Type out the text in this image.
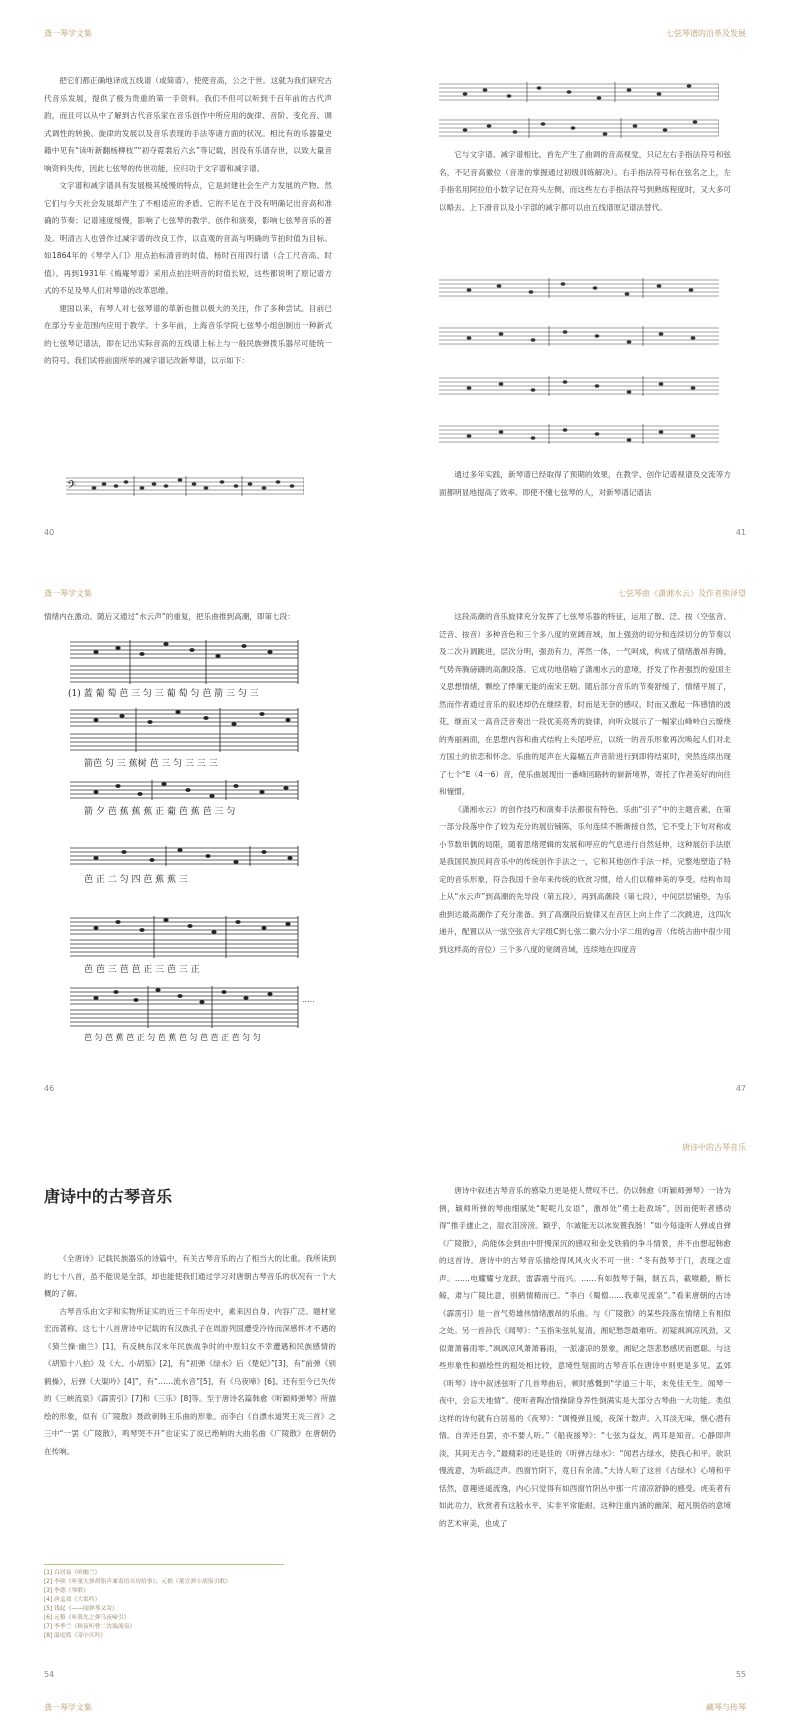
龚一琴学文集

把它们都正确地译成五线谱（或简谱），使使音高，公之于世。这就为我们研究古代音乐发展，提供了极为贵重的第一手资料。我们不但可以听到千百年前的古代声韵，而且可以从中了解到古代音乐家在音乐创作中所应用的旋律、音阶、变化音、调式调性的转换、旋律的发展以及音乐表现的手法等诸方面的状况。相比有的乐器量史籍中见有“读听新翻杨柳枝”“初夺霓裳后六幺”等记载，因没有乐谱存世，以致大量音响资料失传，因此七弦琴的传世功能，应归功于文字谱和减字谱。

文字谱和减字谱具有发展极其缓慢的特点，它是封建社会生产力发展的产物。然它们与今天社会发展却产生了不相适应的矛盾。它的不足在于没有明确记出音高和准确的节奏；记谱速度缓慢，影响了七弦琴的教学、创作和演奏，影响七弦琴音乐的普及。明清古人也曾作过减字谱的改良工作，以直观的音高与明确的节拍时值为目标。如1864年的《琴学入门》用点拍标清音的时值、杨时百用四行谱（合工尺音高、时值）。再到1931年《梅庵琴谱》采用点拍注明音的时值长短，这些都说明了原记谱方式的不足及琴人们对琴谱的改革思维。

建国以来，有琴人对七弦琴谱的革新也报以极大的关注，作了多种尝试。目前已在部分专业范围内应用于教学。十多年前，上海音乐学院七弦琴小组创制出一种新式的七弦琴记谱法，即在记出实际音高的五线谱上标上与一般民族弹拨乐器尽可能统一的符号。我们试将前面所举的减字谱记改新琴谱，以示如下：

𝄢
40
七弦琴谱的沿革及发展

它与文字谱、减字谱相比，首先产生了曲调的音高视觉，只记左右手指法符号和弦名，不记音高徽位（音准的掌握通过初级训练解决）。右手指法符号标在弦名之上，左手指名用阿拉伯小数字记在符头左侧，而这些左右手指法符号到熟练程度时，又大多可以略去。上下滑音以及小字部的减字都可以由五线谱原记谱法替代。

通过多年实践，新琴谱已经取得了预期的效果，在教学、创作记谱视谱及交流等方面都明显地提高了效率。即使不懂七弦琴的人，对新琴谱记谱法

41
龚一琴学文集

情绪内在激动。随后又通过“水云声”的重复，把乐曲推到高潮，即第七段：

.....
(1) 蓋 葡 萄 芭 三 匀 三 葡 萄 匀 芭 箭 三 匀 三
箭芭 匀 三 蕉树 芭 三 匀 三 三 三
箭 夕 芭 蕉 蕉 蕉 正 葡 芭 蕉 芭 三 匀
芭 正 二 匀 四 芭 蕉 蕉 三
芭 芭 三 芭 芭 正 三 芭 三 正
芭 匀 芭 蕉 芭 正 匀 芭 蕉 芭 匀 芭 芭 正 芭 匀 匀
46
七弦琴曲《潇湘水云》及作者熊泽望

这段高潮的音乐旋律充分发挥了七弦琴乐器的特征，运用了散、泛、按（空弦音、泛音、按音）多种音色和三个多八度的宽阔音域，加上强劲的切分和连续切分的节奏以及二次升调跳进，层次分明，强劲有力，浑然一体，一气呵成，构成了情绪激昂奔腾、气势奔腾磅礴的高潮段落。它成功地借喻了潇湘水云的意境，抒发了作者强烈的爱国主义思想情绪，颗绘了悸廉无能的南宋王朝。随后部分音乐的节奏舒缓了，情绪平展了，然而作者通过音乐的叙述却仍在继续着，时而是无奈的感叹，时而又激起一阵感情的波花，继而又一高音泛音奏出一段优美亮秀的旋律，向听众展示了一幅家山峰岭白云缭绕的秀丽画面，在思想内容和曲式结构上头尾呼应，以统一的音乐形象再次唤起人们对北方国土的依恋和怀念。乐曲的尾声在大篇幅五声音阶进行到即将结束时，突然连续出现了七个“E（4一6）音，使乐曲展现出一番峰回路转的崭新境界，寄托了作者美好的向往和憧憬。

《潇湘水云》的创作技巧和演奏手法都很有特色。乐曲“引子”中的主题音素，在第一部分段落中作了较为充分的展衍铺陈，乐句连续不断渐接自然，它不受上下句对称或小节数串偶的局限，随着思绪逻辑的发展和呼应的气息进行自然延伸，这种展衍手法原是我国民族民间音乐中的传统创作手法之一，它和其他创作手法一样，完整地塑造了特定的音乐形象，符合我国千余年来传统的欣赏习惯，给人们以精神美的享受。结构布局上从“水云声”到高潮的先导段（第五段），再到高潮段（第七段），中间层层铺垫，为乐曲到达最高潮作了充分准备。到了高潮段后旋律又在音区上向上作了二次跳进，这四次递升，配置以从一弦空弦音大字组C到七弦二徽六分小字二组的g音（传统古曲中很少用到这样高的音位）三个多八度的宽阔音域，连续地在四度音

47
唐诗中的古琴音乐

《全唐诗》记载民族器乐的诗篇中，有关古琴音乐的占了相当大的比重。我所读到的七十八首，虽不能说是全部，却也能使我们通过学习对唐朝古琴音乐的状况有一个大概的了解。

古琴音乐由文字和实物所证实的近三千年历史中，素来因自身、内容广泛、题材宽宏而著称。这七十八首唐诗中记载的有汉族孔子在周游列国遭受冷待而深感怀才不遇的《猗兰操·幽兰》[1]，有反映东汉末年民族战争时的中原妇女不幸遭遇和民族感情的《胡笳十八拍》及《大、小胡笳》[2]，有“初弹《绿水》后《楚妃》”[3]，有“前弹《别鹤操》，后弹《大渠吟》[4]”，有“……流水音”[5]，有《乌夜啼》[6]。还有至今已失传的《三峡流泉》《霹雳引》[7]和《三乐》[8]等。至于唐诗名篇韩愈《听颖师弹琴》所描绘的形象，似有《广陵散》聂政刺韩王乐曲的形象。而李白《自漂水道哭王炎三首》之三中“一罢《广陵散》，鸣琴哭不开”也证实了说已绝响的大曲名曲《广陵散》在唐朝仍在传响。

[1] 白居易《听幽兰》
[2] 李颀《听董大弹胡笳声兼寄语弄房给事》，元嵇《董宣弹小胡笳引歌》
[3] 李德《琴歌》
[4] 唐孟郊《大渠吟》
[5] 钱起《——闻弹琴又寄》
[6] 元稹《听我先之弹乌夜啼引》
[7] 李季兰《秋夜听曹二沈瑞流泉》
[8] 温庭筠《寄中庆吟》
54
唐诗中的古琴音乐

唐诗中叙述古琴音乐的感染力更是使人赞叹不已。仍以韩愈《听颖师弹琴》一诗为例，颖师所弹的琴曲细腻处“呢呢儿女语”，激昂处“勇士赴敌场”，因而使听者感动得“推手遽止之，湿衣泪滂滂。颖乎，尔诚能无以冰炭置我肠！”如今每逢听人弹或自弹《广陵散》，尚能体会到由中肝慢深沉的感叹和金戈铁骑的争斗情景，并不由想起韩愈的这首诗。唐诗中的古琴音乐描绘得风风火火不可一世：“冬有鼓琴于门，表现之虚声。……电耀耀兮龙跃，雷霹震兮而兴。……有如鼓琴于隔，制五兵，截喉觳，断长鲸，肃与广陵比意，别鹤情精而已。“李白《蜀僧……我辈见流泉”。”看来唐朝的古诗《霹雳引》是一首气势雄伟情绪激昂的乐曲。与《广陵散》的某些段落在情绪上有相似之处。另一首孙氏《闻琴》：“玉指朱弦轧复清，湘妃愁怨最难听。初疑飒飒凉风劲，又似萧萧暮雨零。”飒飒凉风萧萧暮雨，一派凄凉的景象，湘妃之怨悲愁感厌而愿聪。与这些形象性和描绘性的粗处相比较，意境性刻面的古琴音乐在唐诗中则更是多见。孟郊《听琴》诗中叙述弦听了几首琴曲后，顿时感慨到“学道三十年，未免佳无生。闻琴一夜中，会忘天地情”。使听者陶冶情操除身养性倒满实是大部分古琴曲一大功能。类似这样的诗句就有白居易的《夜琴》：“调慢弹且缓，夜深十数声。入耳淡无味，惬心潜有情。自弄还自罢，亦不要人听。”《船夜援琴》：“七弦为益友，两耳是知音。心静即声淡，其间无古今。”最精彩的还是佳的《听弹古绿水》：“闻君古绿水，使我心和平。欲识慢流意，为听疏泛声。西窗竹阴下，竟日有余清。”大诗人听了这首《古绿水》心境和平恬然，意趣进遥流逸，内心只觉得有如西窗竹阴丛中那一片清凉舒静的感受。虎美者有如此功力，欣赏者有这般水平，实非平常能耐。这种注重内涵的幽深，超凡脱俗的意境的艺术审美，也成了

55
龚一琴学文集	藏琴与传琴
